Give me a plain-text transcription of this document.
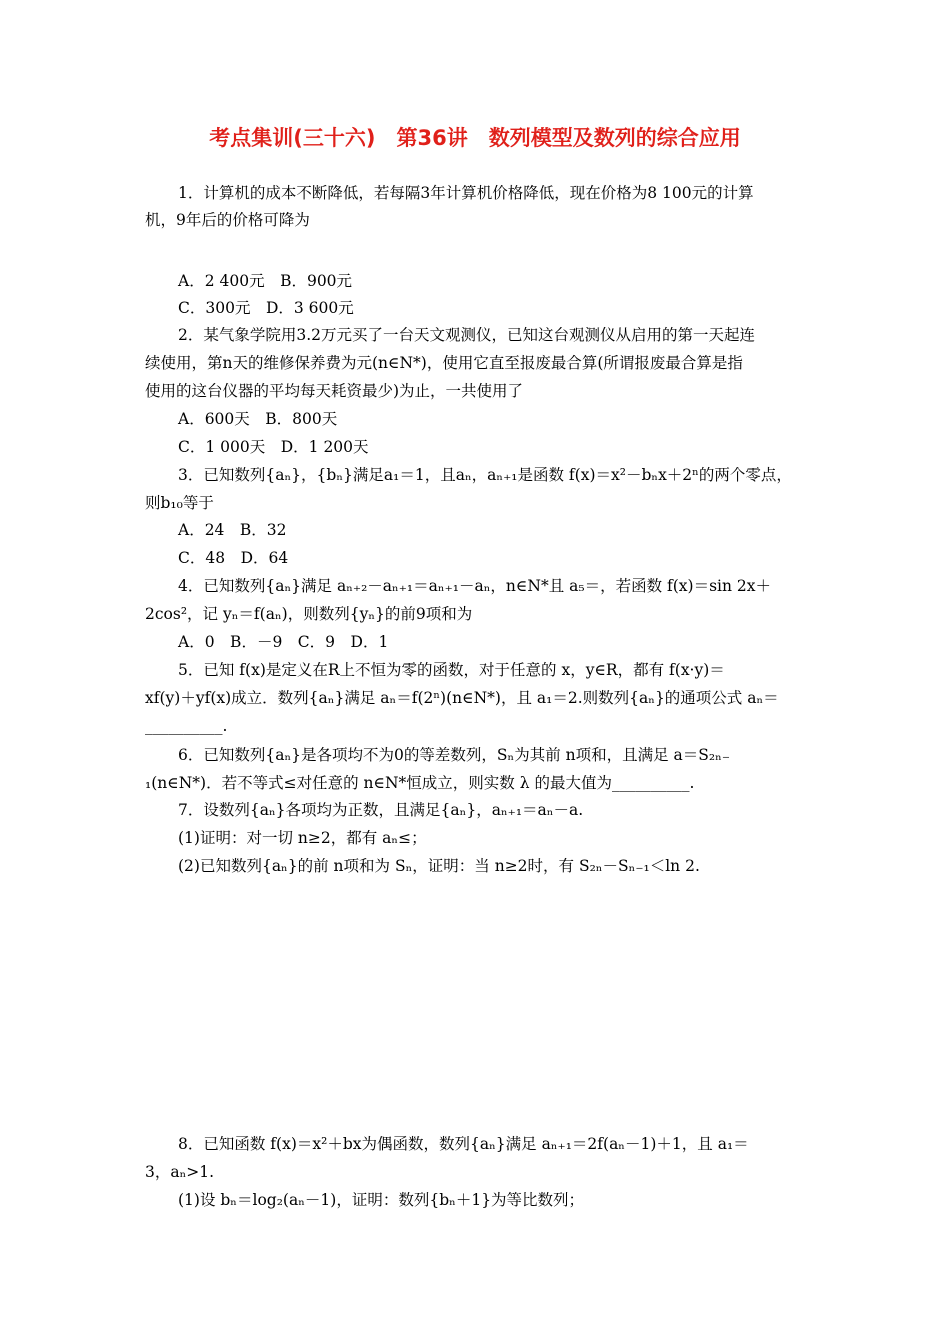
考点集训(三十六)　第36讲　数列模型及数列的综合应用
1．计算机的成本不断降低，若每隔3年计算机价格降低，现在价格为8 100元的计算
机，9年后的价格可降为
A．2 400元　B．900元
C．300元　D．3 600元
2．某气象学院用3.2万元买了一台天文观测仪，已知这台观测仪从启用的第一天起连
续使用，第n天的维修保养费为元(n∈N*)，使用它直至报废最合算(所谓报废最合算是指
使用的这台仪器的平均每天耗资最少)为止，一共使用了
A．600天　B．800天
C．1 000天　D．1 200天
3．已知数列{aₙ}，{bₙ}满足a₁＝1，且aₙ，aₙ₊₁是函数 f(x)＝x²－bₙx＋2ⁿ的两个零点，
则b₁₀等于
A．24　B．32
C．48　D．64
4．已知数列{aₙ}满足 aₙ₊₂－aₙ₊₁＝aₙ₊₁－aₙ，n∈N*且 a₅＝，若函数 f(x)＝sin 2x＋
2cos²，记 yₙ＝f(aₙ)，则数列{yₙ}的前9项和为
A．0　B．－9　C．9　D．1
5．已知 f(x)是定义在R上不恒为零的函数，对于任意的 x，y∈R，都有 f(x·y)＝
xf(y)＋yf(x)成立．数列{aₙ}满足 aₙ＝f(2ⁿ)(n∈N*)，且 a₁＝2.则数列{aₙ}的通项公式 aₙ＝
__________.
6．已知数列{aₙ}是各项均不为0的等差数列，Sₙ为其前 n项和，且满足 a＝S₂ₙ₋
₁(n∈N*)．若不等式≤对任意的 n∈N*恒成立，则实数 λ 的最大值为__________.
7．设数列{aₙ}各项均为正数，且满足{aₙ}，aₙ₊₁＝aₙ－a.
(1)证明：对一切 n≥2，都有 aₙ≤；
(2)已知数列{aₙ}的前 n项和为 Sₙ，证明：当 n≥2时，有 S₂ₙ－Sₙ₋₁＜ln 2.
8．已知函数 f(x)＝x²＋bx为偶函数，数列{aₙ}满足 aₙ₊₁＝2f(aₙ－1)＋1，且 a₁＝
3，aₙ>1.
(1)设 bₙ＝log₂(aₙ－1)，证明：数列{bₙ＋1}为等比数列；
